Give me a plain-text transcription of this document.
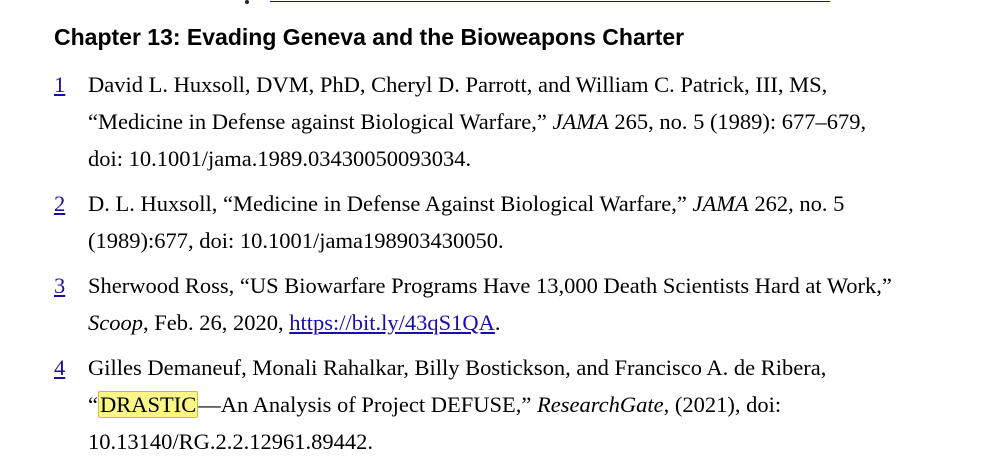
Chapter 13: Evading Geneva and the Bioweapons Charter
1 David L. Huxsoll, DVM, PhD, Cheryl D. Parrott, and William C. Patrick, III, MS,
“Medicine in Defense against Biological Warfare,” JAMA 265, no. 5 (1989): 677–679,
doi: 10.1001/jama.1989.03430050093034.
2 D. L. Huxsoll, “Medicine in Defense Against Biological Warfare,” JAMA 262, no. 5
(1989):677, doi: 10.1001/jama198903430050.
3 Sherwood Ross, “US Biowarfare Programs Have 13,000 Death Scientists Hard at Work,”
Scoop, Feb. 26, 2020, https://bit.ly/43qS1QA.
4 Gilles Demaneuf, Monali Rahalkar, Billy Bostickson, and Francisco A. de Ribera,
“DRASTIC—An Analysis of Project DEFUSE,” ResearchGate, (2021), doi:
10.13140/RG.2.2.12961.89442.
